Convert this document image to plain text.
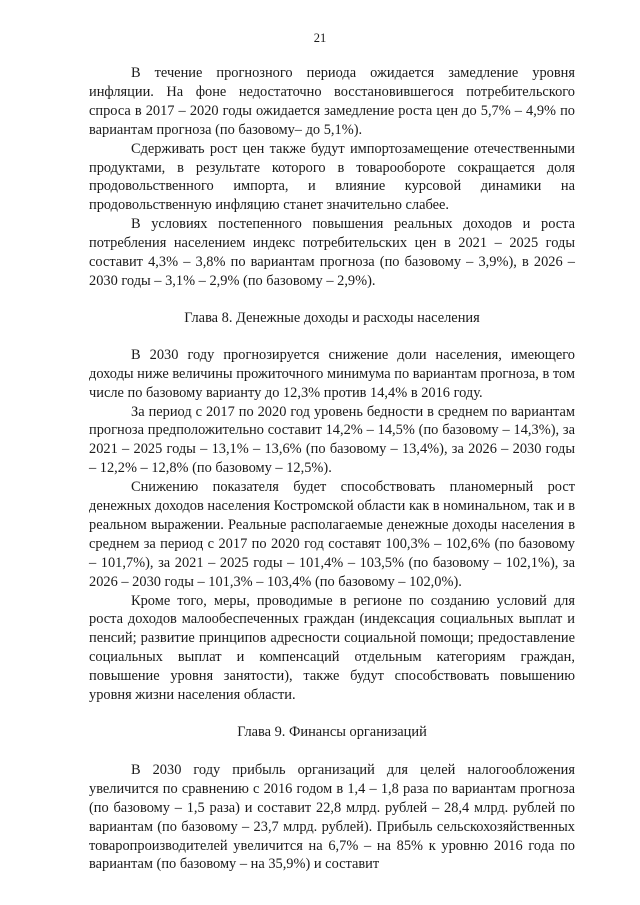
21

В течение прогнозного периода ожидается замедление уровня инфляции. На фоне недостаточно восстановившегося потребительского спроса в 2017 – 2020 годы ожидается замедление роста цен до 5,7% – 4,9% по вариантам прогноза (по базовому– до 5,1%).

Сдерживать рост цен также будут импортозамещение отечественными продуктами, в результате которого в товарообороте сокращается доля продовольственного импорта, и влияние курсовой динамики на продовольственную инфляцию станет значительно слабее.

В условиях постепенного повышения реальных доходов и роста потребления населением индекс потребительских цен в 2021 – 2025 годы составит 4,3% – 3,8% по вариантам прогноза (по базовому – 3,9%), в 2026 – 2030 годы – 3,1% – 2,9% (по базовому – 2,9%).

Глава 8. Денежные доходы и расходы населения

В 2030 году прогнозируется снижение доли населения, имеющего доходы ниже величины прожиточного минимума по вариантам прогноза, в том числе по базовому варианту до 12,3% против 14,4% в 2016 году.

За период с 2017 по 2020 год уровень бедности в среднем по вариантам прогноза предположительно составит 14,2% – 14,5% (по базовому – 14,3%), за 2021 – 2025 годы – 13,1% – 13,6% (по базовому – 13,4%), за 2026 – 2030 годы – 12,2% – 12,8% (по базовому – 12,5%).

Снижению показателя будет способствовать планомерный рост денежных доходов населения Костромской области как в номинальном, так и в реальном выражении. Реальные располагаемые денежные доходы населения в среднем за период с 2017 по 2020 год составят 100,3% – 102,6% (по базовому – 101,7%), за 2021 – 2025 годы – 101,4% – 103,5% (по базовому – 102,1%), за 2026 – 2030 годы – 101,3% – 103,4% (по базовому – 102,0%).

Кроме того, меры, проводимые в регионе по созданию условий для роста доходов малообеспеченных граждан (индексация социальных выплат и пенсий; развитие принципов адресности социальной помощи; предоставление социальных выплат и компенсаций отдельным категориям граждан, повышение уровня занятости), также будут способствовать повышению уровня жизни населения области.

Глава 9. Финансы организаций

В 2030 году прибыль организаций для целей налогообложения увеличится по сравнению с 2016 годом в 1,4 – 1,8 раза по вариантам прогноза (по базовому – 1,5 раза) и составит 22,8 млрд. рублей – 28,4 млрд. рублей по вариантам (по базовому – 23,7 млрд. рублей). Прибыль сельскохозяйственных товаропроизводителей увеличится на 6,7% – на 85% к уровню 2016 года по вариантам (по базовому – на 35,9%) и составит
